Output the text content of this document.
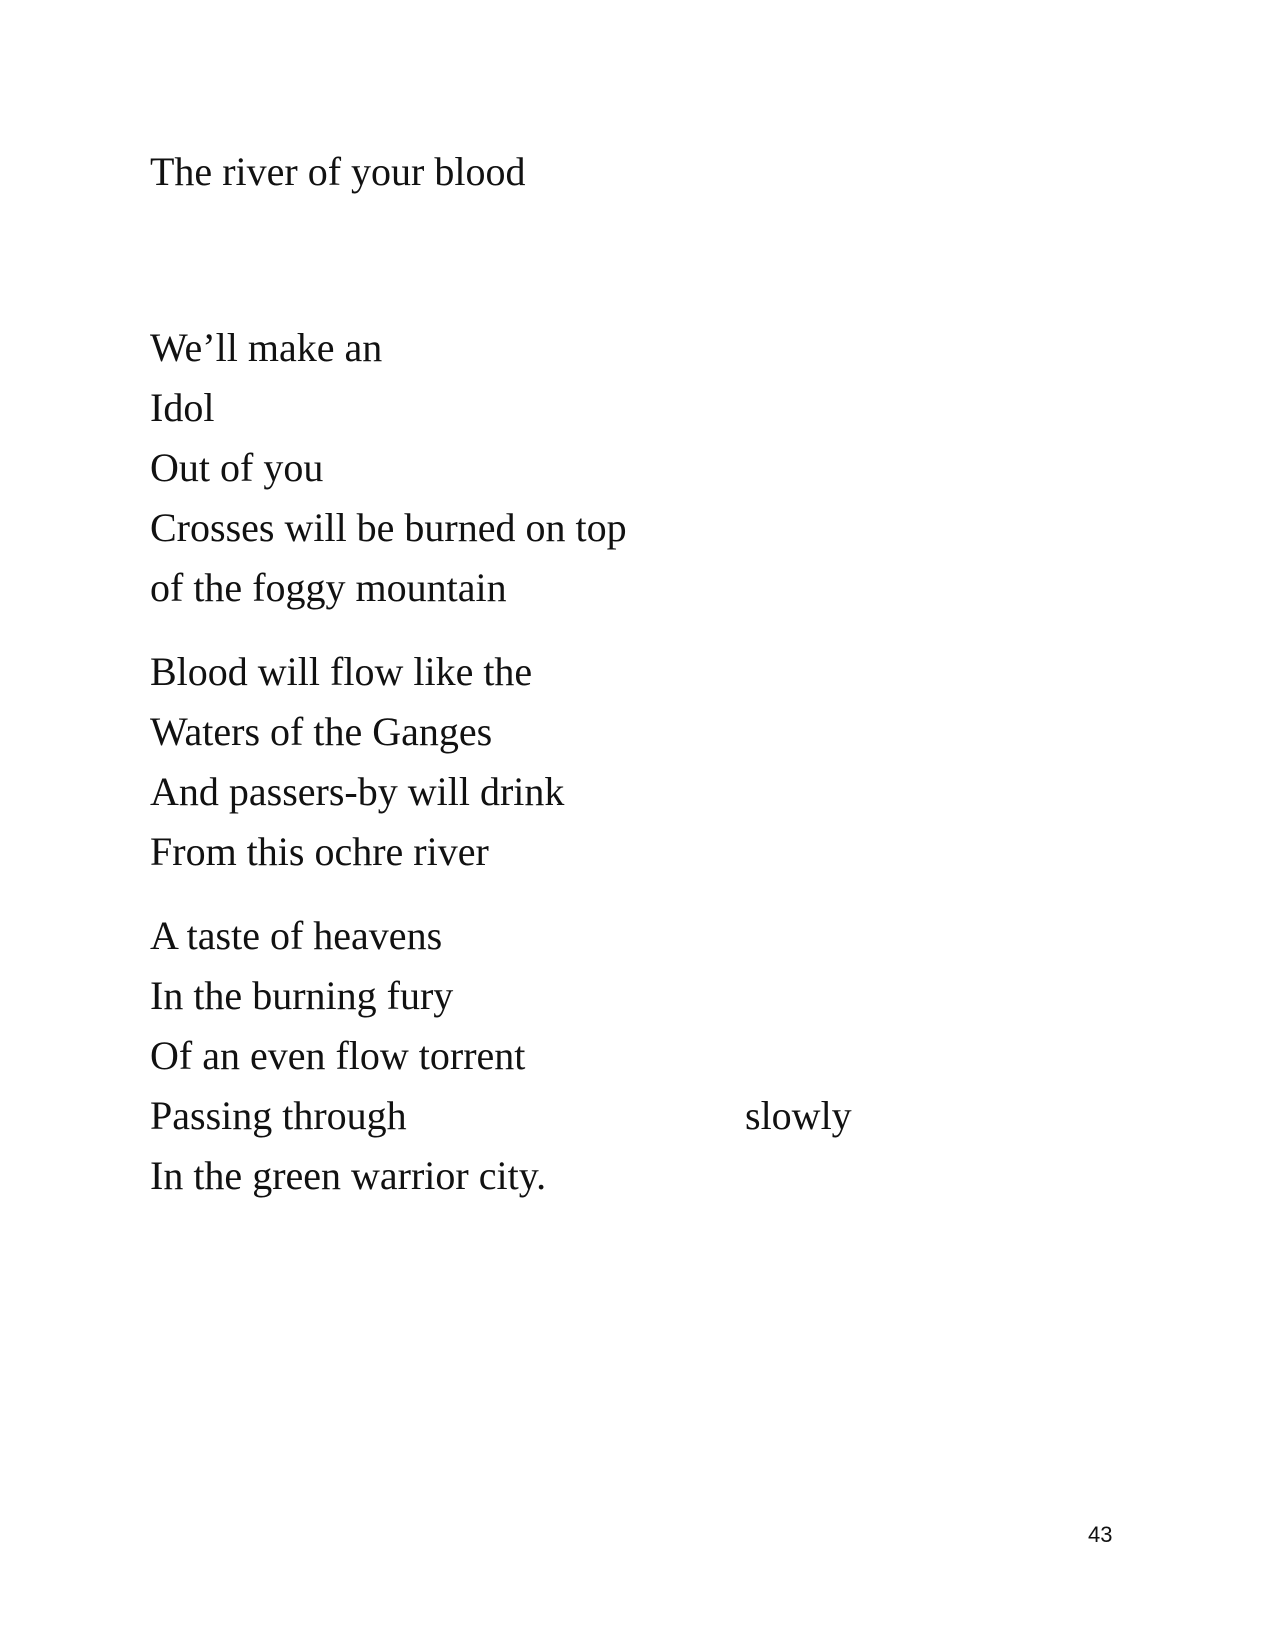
The river of your blood

We’ll make an
Idol
Out of you
Crosses will be burned on top
of the foggy mountain

Blood will flow like the
Waters of the Ganges
And passers-by will drink
From this ochre river

A taste of heavens
In the burning fury
Of an even flow torrent
Passing through	slowly
In the green warrior city.

43
